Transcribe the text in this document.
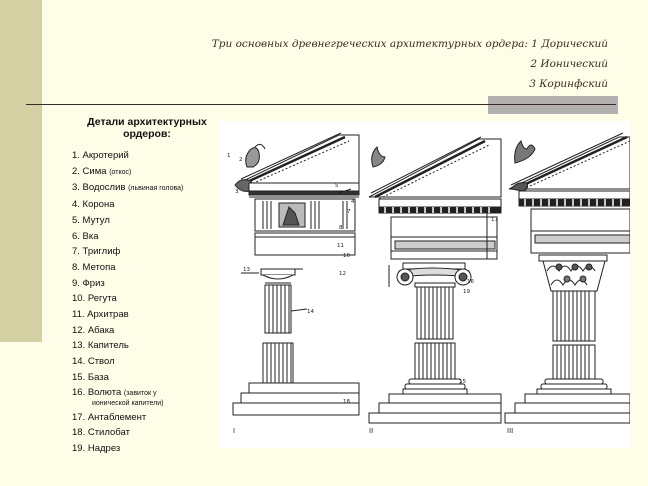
Три основных древнегреческих архитектурных ордера: 1 Дорический
2 Ионический
3 Коринфский
Детали архитектурных
ордеров:
1. Акротерий
2. Сима (откос)
3. Водослив (львиная голова)
4. Корона
5. Мутул
6. Вка
7. Триглиф
8. Метопа
9. Фриз
10. Регута
11. Архитрав
12. Абака
13. Капитель
14. Ствол
15. База
16. Волюта (завиток у
ионической капители)
17. Антаблемент
18. Стилобат
19. Надрез
5
6
4
7
8
11
10
12
13
14
18
1
3
2
17
16
19
15
I	II	III
